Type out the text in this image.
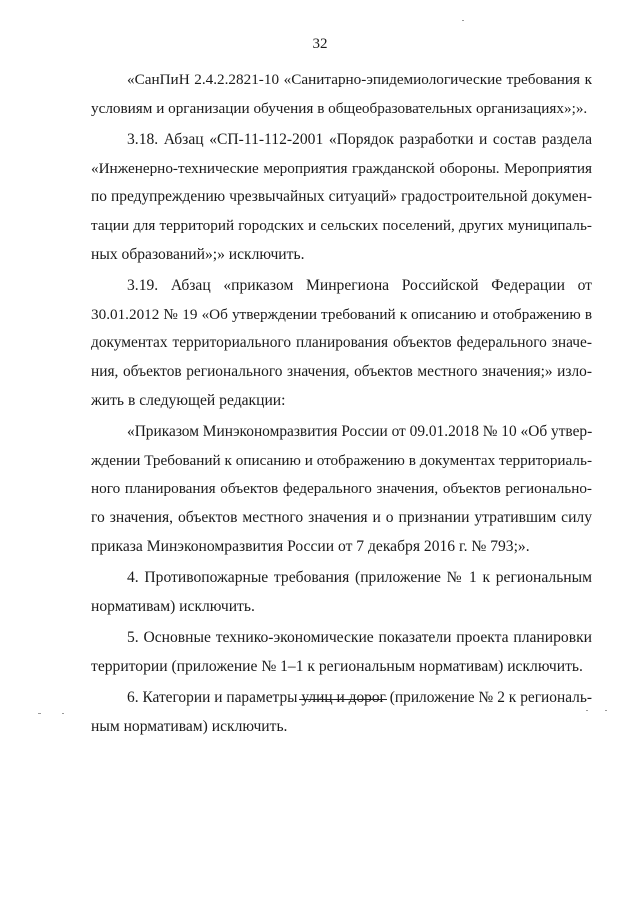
32

«СанПиН 2.4.2.2821-10 «Санитарно-эпидемиологические требования к
условиям и организации обучения в общеобразовательных организациях»;».

3.18. Абзац «СП-11-112-2001 «Порядок разработки и состав раздела
«Инженерно-технические мероприятия гражданской обороны. Мероприятия
по предупреждению чрезвычайных ситуаций» градостроительной докумен-
тации для территорий городских и сельских поселений, других муниципаль-
ных образований»;» исключить.

3.19. Абзац «приказом Минрегиона Российской Федерации от
30.01.2012 № 19 «Об утверждении требований к описанию и отображению в
документах территориального планирования объектов федерального значе-
ния, объектов регионального значения, объектов местного значения;» изло-
жить в следующей редакции:

«Приказом Минэкономразвития России от 09.01.2018 № 10 «Об утвер-
ждении Требований к описанию и отображению в документах территориаль-
ного планирования объектов федерального значения, объектов регионально-
го значения, объектов местного значения и о признании утратившим силу
приказа Минэкономразвития России от 7 декабря 2016 г. № 793;».

4. Противопожарные требования (приложение № 1 к региональным
нормативам) исключить.

5. Основные технико-экономические показатели проекта планировки
территории (приложение № 1–1 к региональным нормативам) исключить.

6. Категории и параметры улиц и дорог (приложение № 2 к региональ-
ным нормативам) исключить.
